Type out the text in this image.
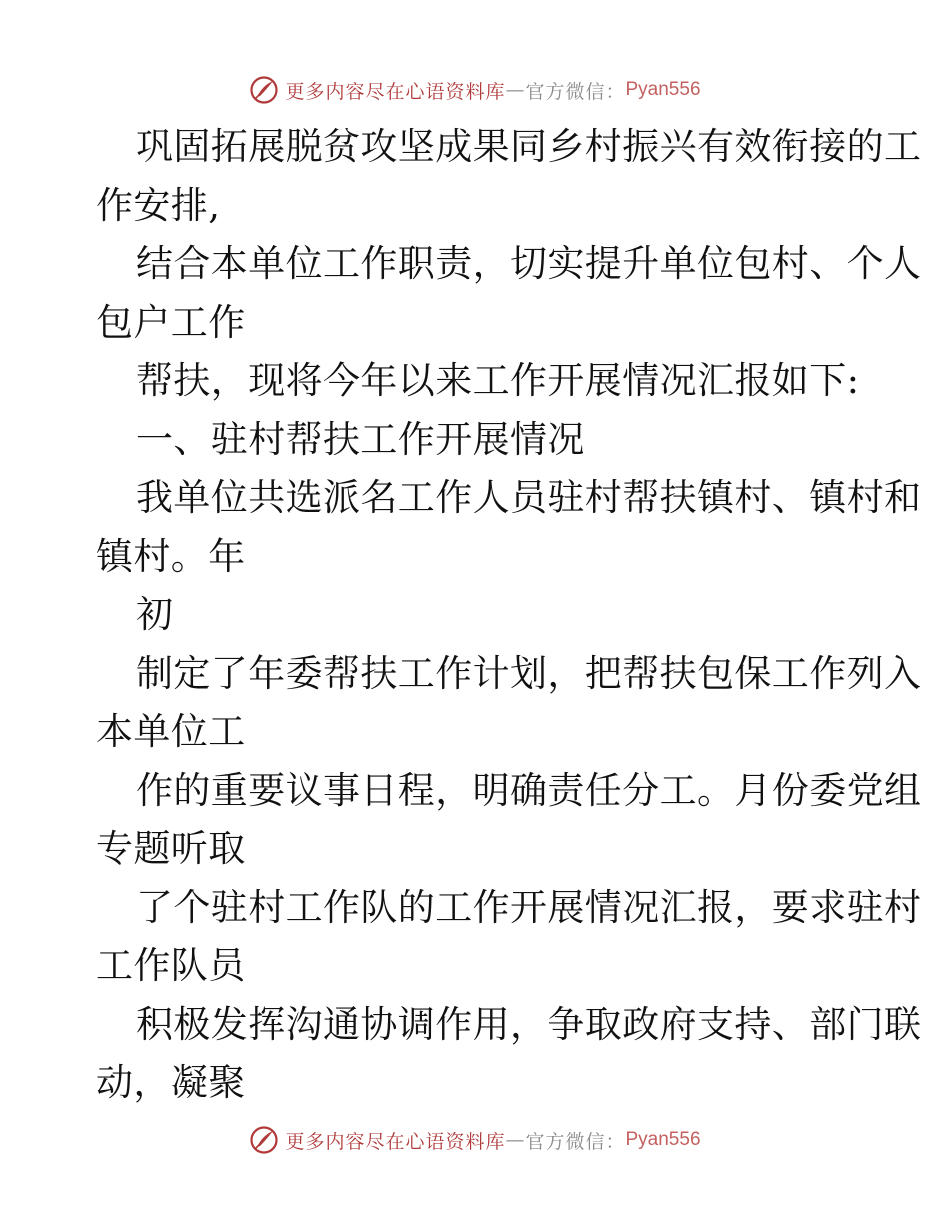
更多内容尽在心语资料库 — 官方微信： Pyan556
巩固拓展脱贫攻坚成果同乡村振兴有效衔接的工
作安排,
结合本单位工作职责，切实提升单位包村、个人
包户工作
帮扶，现将今年以来工作开展情况汇报如下:
一、驻村帮扶工作开展情况
我单位共选派名工作人员驻村帮扶镇村、镇村和
镇村。年
初
制定了年委帮扶工作计划，把帮扶包保工作列入
本单位工
作的重要议事日程，明确责任分工。月份委党组
专题听取
了个驻村工作队的工作开展情况汇报，要求驻村
工作队员
积极发挥沟通协调作用，争取政府支持、部门联
动，凝聚
更多内容尽在心语资料库 — 官方微信： Pyan556
